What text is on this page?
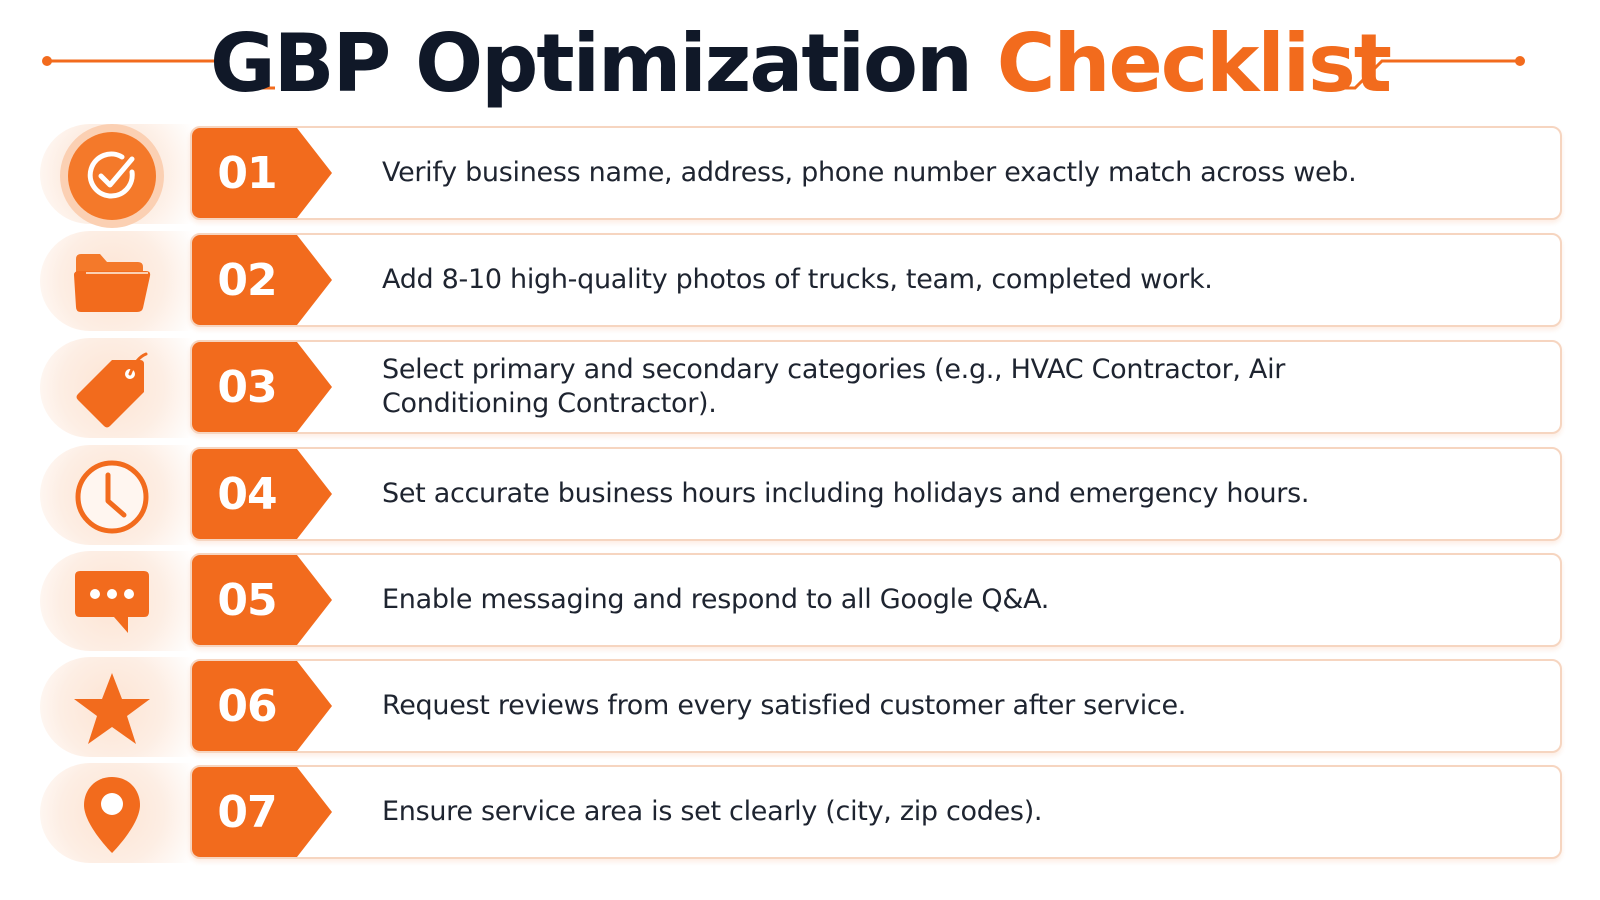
GBP Optimization Checklist
01	Verify business name, address, phone number exactly match across web.
02	Add 8-10 high-quality photos of trucks, team, completed work.
03	Select primary and secondary categories (e.g., HVAC Contractor, Air Conditioning Contractor).
04	Set accurate business hours including holidays and emergency hours.
05	Enable messaging and respond to all Google Q&A.
06	Request reviews from every satisfied customer after service.
07	Ensure service area is set clearly (city, zip codes).
